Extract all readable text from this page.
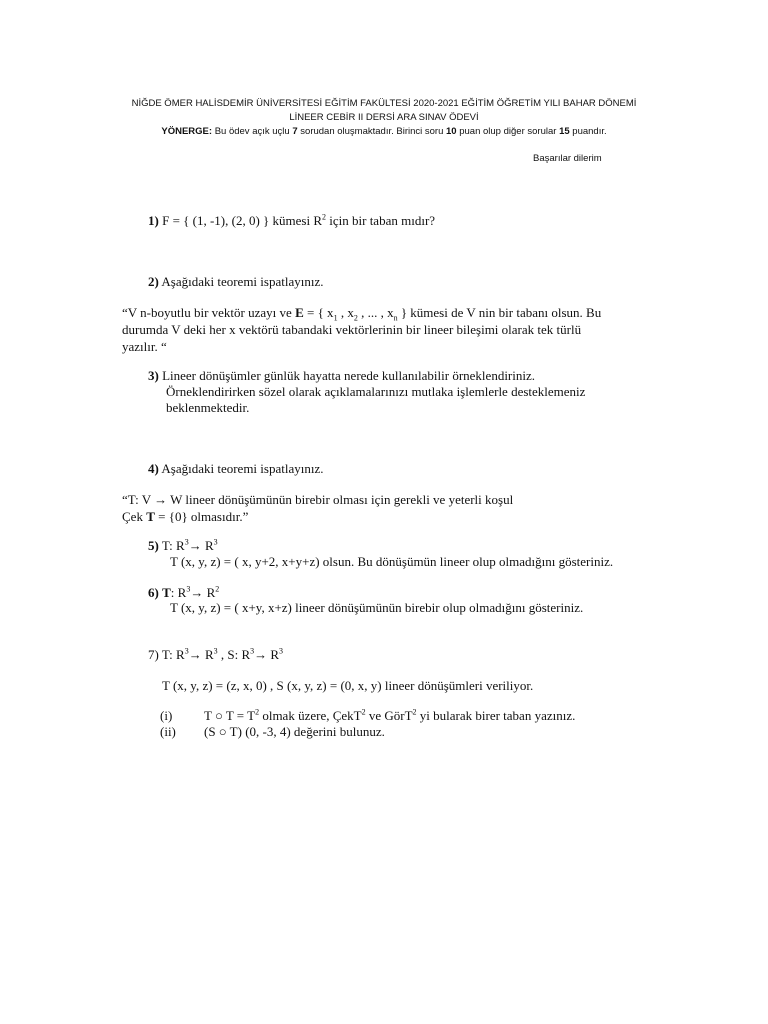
NİĞDE ÖMER HALİSDEMİR ÜNİVERSİTESİ EĞİTİM FAKÜLTESİ 2020-2021 EĞİTİM ÖĞRETİM YILI BAHAR DÖNEMİ
LİNEER CEBİR II DERSİ ARA SINAV ÖDEVİ
YÖNERGE: Bu ödev açık uçlu 7 sorudan oluşmaktadır. Birinci soru 10 puan olup diğer sorular 15 puandır.
Başarılar dilerim
1) F = { (1, -1), (2, 0) } kümesi $R^2$ için bir taban mıdır?
2) Aşağıdaki teoremi ispatlayınız.
“V n-boyutlu bir vektör uzayı ve E = { $x_1$ , $x_2$ , ... , $x_n$ } kümesi de V nin bir tabanı olsun. Bu
durumda V deki her x vektörü tabandaki vektörlerinin bir lineer bileşimi olarak tek türlü
yazılır. “
3) Lineer dönüşümler günlük hayatta nerede kullanılabilir örneklendiriniz.
Örneklendirirken sözel olarak açıklamalarınızı mutlaka işlemlerle desteklemeniz
beklenmektedir.
4) Aşağıdaki teoremi ispatlayınız.
“T: V → W lineer dönüşümünün birebir olması için gerekli ve yeterli koşul
Çek T = {0} olmasıdır.”
5) T: $R^3\to R^3$
T (x, y, z) = ( x, y+2, x+y+z) olsun. Bu dönüşümün lineer olup olmadığını gösteriniz.
6) T: $R^3\to R^2$
T (x, y, z) = ( x+y, x+z) lineer dönüşümünün birebir olup olmadığını gösteriniz.
7) T: $R^3\to R^3$ , S: $R^3\to R^3$
T (x, y, z) = (z, x, 0) , S (x, y, z) = (0, x, y) lineer dönüşümleri veriliyor.
(i) T ○ $T = T^2$ olmak üzere, ÇekT$^2$ ve GörT$^2$ yi bularak birer taban yazınız.
(ii) (S ○ T) (0, -3, 4) değerini bulunuz.
